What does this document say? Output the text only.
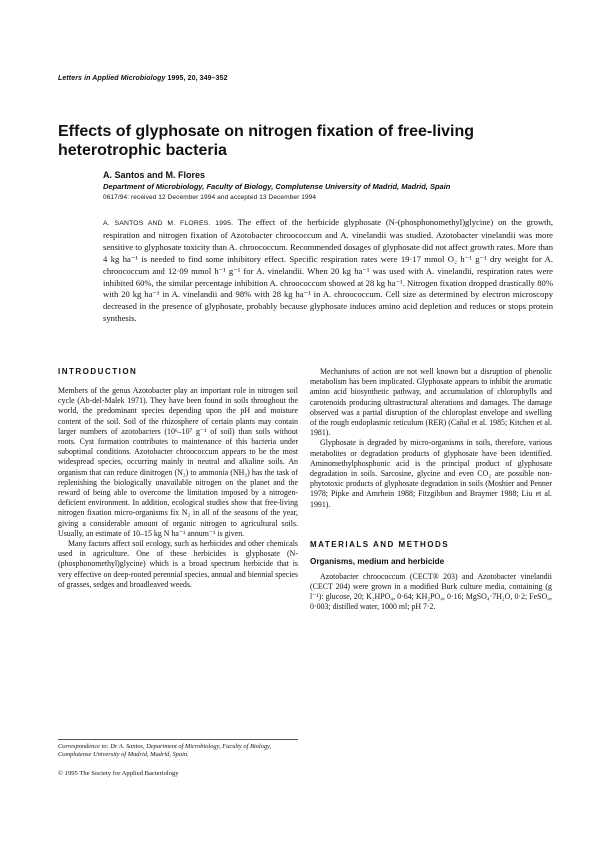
Letters in Applied Microbiology 1995, 20, 349–352
Effects of glyphosate on nitrogen fixation of free-living heterotrophic bacteria
A. Santos and M. Flores
Department of Microbiology, Faculty of Biology, Complutense University of Madrid, Madrid, Spain
0617/94: received 12 December 1994 and accepted 13 December 1994
A. SANTOS AND M. FLORES. 1995. The effect of the herbicide glyphosate (N-(phosphonomethyl)glycine) on the growth, respiration and nitrogen fixation of Azotobacter chroococcum and A. vinelandii was studied. Azotobacter vinelandii was more sensitive to glyphosate toxicity than A. chroococcum. Recommended dosages of glyphosate did not affect growth rates. More than 4 kg ha⁻¹ is needed to find some inhibitory effect. Specific respiration rates were 19·17 mmol O₂ h⁻¹ g⁻¹ dry weight for A. chroococcum and 12·09 mmol h⁻¹ g⁻¹ for A. vinelandii. When 20 kg ha⁻¹ was used with A. vinelandii, respiration rates were inhibited 60%, the similar percentage inhibition A. chroococcum showed at 28 kg ha⁻¹. Nitrogen fixation dropped drastically 80% with 20 kg ha⁻¹ in A. vinelandii and 98% with 28 kg ha⁻¹ in A. chroococcum. Cell size as determined by electron microscopy decreased in the presence of glyphosate, probably because glyphosate induces amino acid depletion and reduces or stops protein synthesis.
INTRODUCTION

Members of the genus Azotobacter play an important role in nitrogen soil cycle (Ab-del-Malek 1971). They have been found in soils throughout the world, the predominant species depending upon the pH and moisture content of the soil. Soil of the rhizosphere of certain plants may contain larger numbers of azotobacters (10⁶–10⁷ g⁻¹ of soil) than soils without roots. Cyst formation contributes to maintenance of this bacteria under suboptimal conditions. Azotobacter chroococcum appears to be the most widespread species, occurring mainly in neutral and alkaline soils. An organism that can reduce dinitrogen (N₂) to ammonia (NH₃) has the task of replenishing the biologically unavailable nitrogen on the planet and the reward of being able to overcome the limitation imposed by a nitrogen-deficient environment. In addition, ecological studies show that free-living nitrogen fixation micro-organisms fix N₂ in all of the seasons of the year, giving a considerable amount of organic nitrogen to agricultural soils. Usually, an estimate of 10–15 kg N ha⁻¹ annum⁻¹ is given.

Many factors affect soil ecology, such as herbicides and other chemicals used in agriculture. One of these herbicides is glyphosate (N-(phosphonomethyl)glycine) which is a broad spectrum herbicide that is very effective on deep-rooted perennial species, annual and biennial species of grasses, sedges and broadleaved weeds.

Mechanisms of action are not well known but a disruption of phenolic metabolism has been implicated. Glyphosate appears to inhibit the aromatic amino acid biosynthetic pathway, and accumulation of chlorophylls and carotenoids producing ultrastructural alterations and damages. The damage observed was a partial disruption of the chloroplast envelope and swelling of the rough endoplasmic reticulum (RER) (Cañal et al. 1985; Kitchen et al. 1981).

Glyphosate is degraded by micro-organisms in soils, therefore, various metabolites or degradation products of glyphosate have been identified. Aminomethylphosphonic acid is the principal product of glyphosate degradation in soils. Sarcosine, glycine and even CO₂ are possible non-phytotoxic products of glyphosate degradation in soils (Moshier and Penner 1978; Pipke and Amrhein 1988; Fitzgibbon and Braymer 1988; Liu et al. 1991).

MATERIALS AND METHODS
Organisms, medium and herbicide

Azotobacter chroococcum (CECT® 203) and Azotobacter vinelandii (CECT 204) were grown in a modified Burk culture media, containing (g l⁻¹): glucose, 20; K₂HPO₄, 0·64; KH₂PO₄, 0·16; MgSO₄·7H₂O, 0·2; FeSO₄, 0·003; distilled water, 1000 ml; pH 7·2.

Correspondence to: Dr A. Santos, Department of Microbiology, Faculty of Biology, Complutense University of Madrid, Madrid, Spain.
© 1995 The Society for Applied Bacteriology
